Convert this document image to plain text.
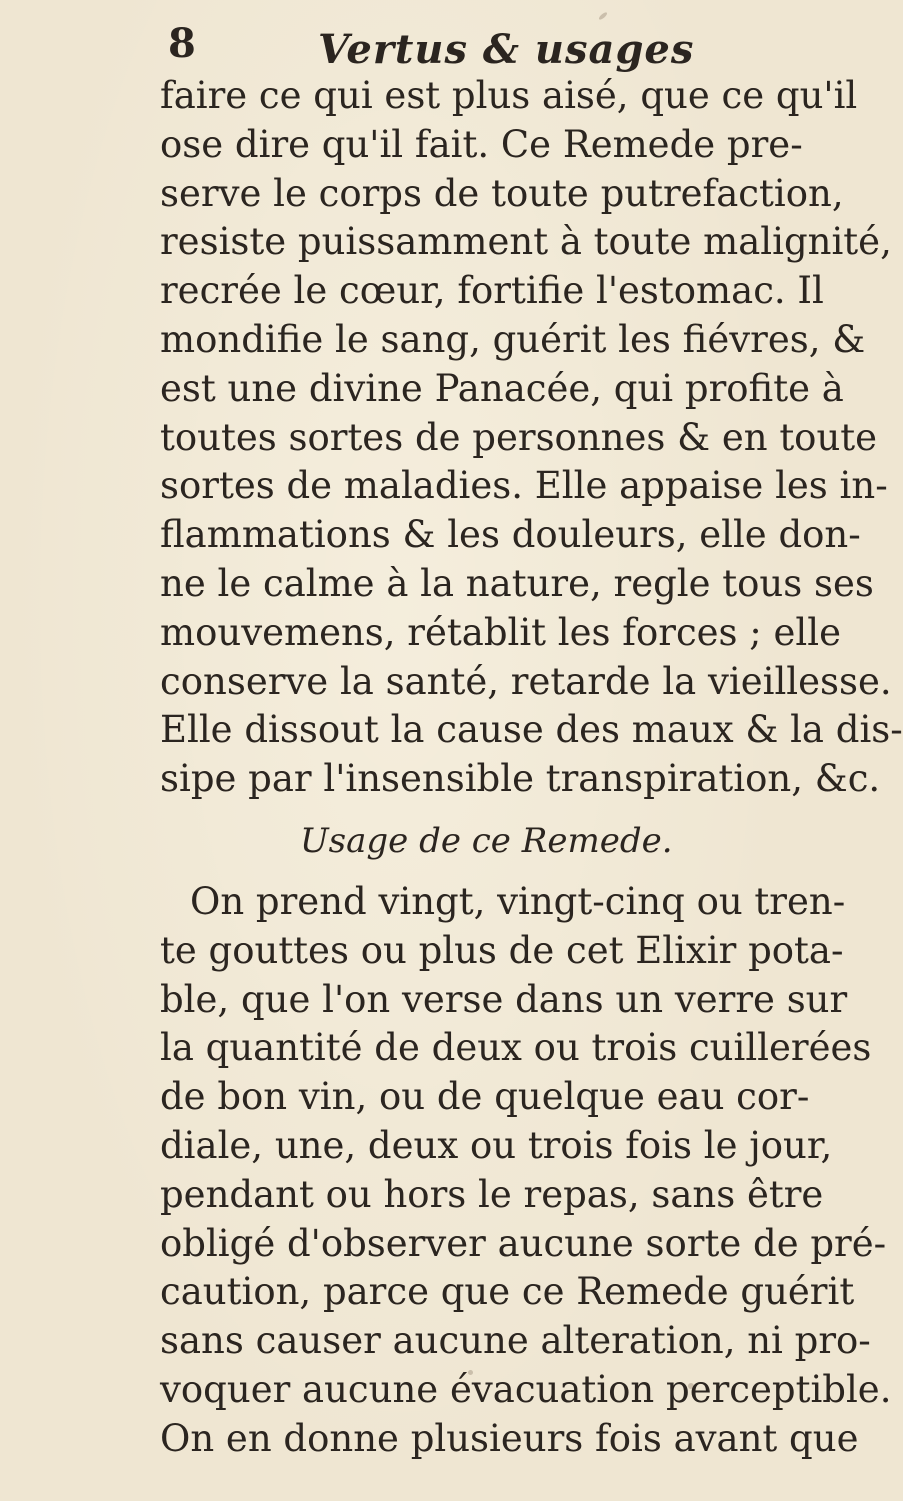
8	Vertus & usages
faire ce qui est plus aisé, que ce qu'il
ose dire qu'il fait. Ce Remede pre-
serve le corps de toute putrefaction,
resiste puissamment à toute malignité,
recrée le cœur, fortifie l'estomac. Il
mondifie le sang, guérit les fiévres, &
est une divine Panacée, qui profite à
toutes sortes de personnes & en toute
sortes de maladies. Elle appaise les in-
flammations & les douleurs, elle don-
ne le calme à la nature, regle tous ses
mouvemens, rétablit les forces ; elle
conserve la santé, retarde la vieillesse.
Elle dissout la cause des maux & la dis-
sipe par l'insensible transpiration, &c.
Usage de ce Remede.
On prend vingt, vingt-cinq ou tren-
te gouttes ou plus de cet Elixir pota-
ble, que l'on verse dans un verre sur
la quantité de deux ou trois cuillerées
de bon vin, ou de quelque eau cor-
diale, une, deux ou trois fois le jour,
pendant ou hors le repas, sans être
obligé d'observer aucune sorte de pré-
caution, parce que ce Remede guérit
sans causer aucune alteration, ni pro-
voquer aucune évacuation perceptible.
On en donne plusieurs fois avant que
